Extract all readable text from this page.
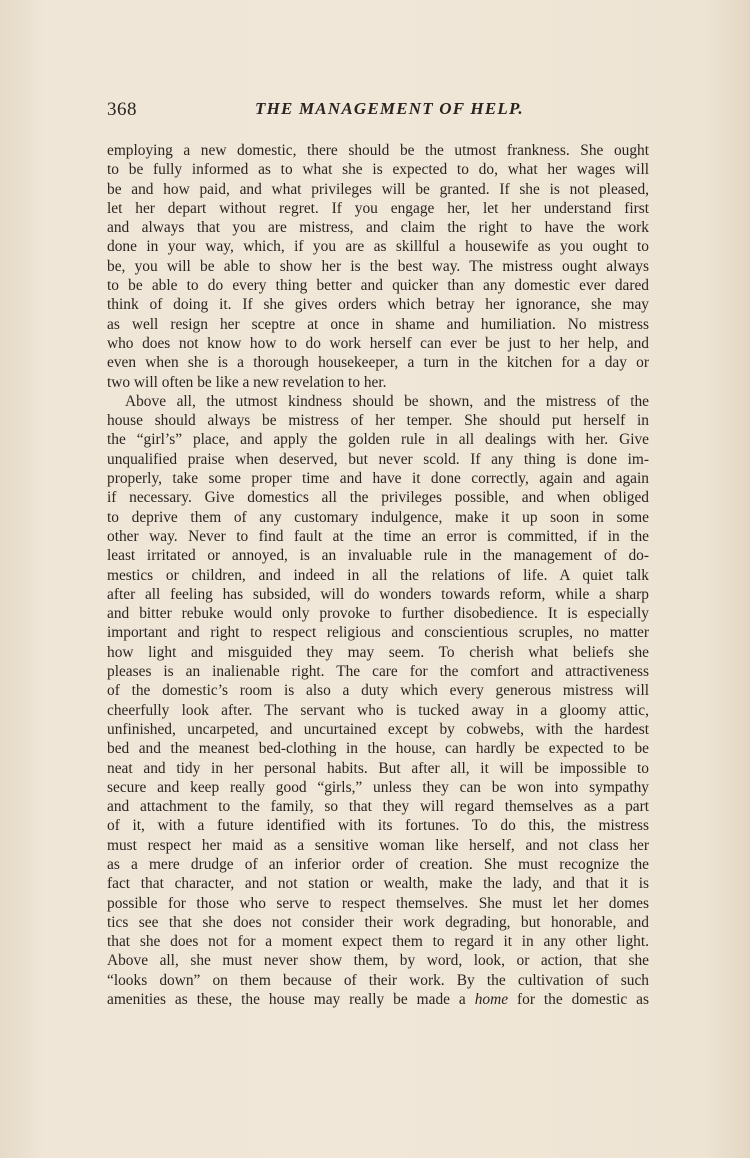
368	THE MANAGEMENT OF HELP.
employing a new domestic, there should be the utmost frankness. She ought
to be fully informed as to what she is expected to do, what her wages will
be and how paid, and what privileges will be granted. If she is not pleased,
let her depart without regret. If you engage her, let her understand first
and always that you are mistress, and claim the right to have the work
done in your way, which, if you are as skillful a housewife as you ought to
be, you will be able to show her is the best way. The mistress ought always
to be able to do every thing better and quicker than any domestic ever dared
think of doing it. If she gives orders which betray her ignorance, she may
as well resign her sceptre at once in shame and humiliation. No mistress
who does not know how to do work herself can ever be just to her help, and
even when she is a thorough housekeeper, a turn in the kitchen for a day or
two will often be like a new revelation to her.
Above all, the utmost kindness should be shown, and the mistress of the
house should always be mistress of her temper. She should put herself in
the “girl’s” place, and apply the golden rule in all dealings with her. Give
unqualified praise when deserved, but never scold. If any thing is done im-
properly, take some proper time and have it done correctly, again and again
if necessary. Give domestics all the privileges possible, and when obliged
to deprive them of any customary indulgence, make it up soon in some
other way. Never to find fault at the time an error is committed, if in the
least irritated or annoyed, is an invaluable rule in the management of do-
mestics or children, and indeed in all the relations of life. A quiet talk
after all feeling has subsided, will do wonders towards reform, while a sharp
and bitter rebuke would only provoke to further disobedience. It is especially
important and right to respect religious and conscientious scruples, no matter
how light and misguided they may seem. To cherish what beliefs she
pleases is an inalienable right. The care for the comfort and attractiveness
of the domestic’s room is also a duty which every generous mistress will
cheerfully look after. The servant who is tucked away in a gloomy attic,
unfinished, uncarpeted, and uncurtained except by cobwebs, with the hardest
bed and the meanest bed-clothing in the house, can hardly be expected to be
neat and tidy in her personal habits. But after all, it will be impossible to
secure and keep really good “girls,” unless they can be won into sympathy
and attachment to the family, so that they will regard themselves as a part
of it, with a future identified with its fortunes. To do this, the mistress
must respect her maid as a sensitive woman like herself, and not class her
as a mere drudge of an inferior order of creation. She must recognize the
fact that character, and not station or wealth, make the lady, and that it is
possible for those who serve to respect themselves. She must let her domes
tics see that she does not consider their work degrading, but honorable, and
that she does not for a moment expect them to regard it in any other light.
Above all, she must never show them, by word, look, or action, that she
“looks down” on them because of their work. By the cultivation of such
amenities as these, the house may really be made a home for the domestic as
